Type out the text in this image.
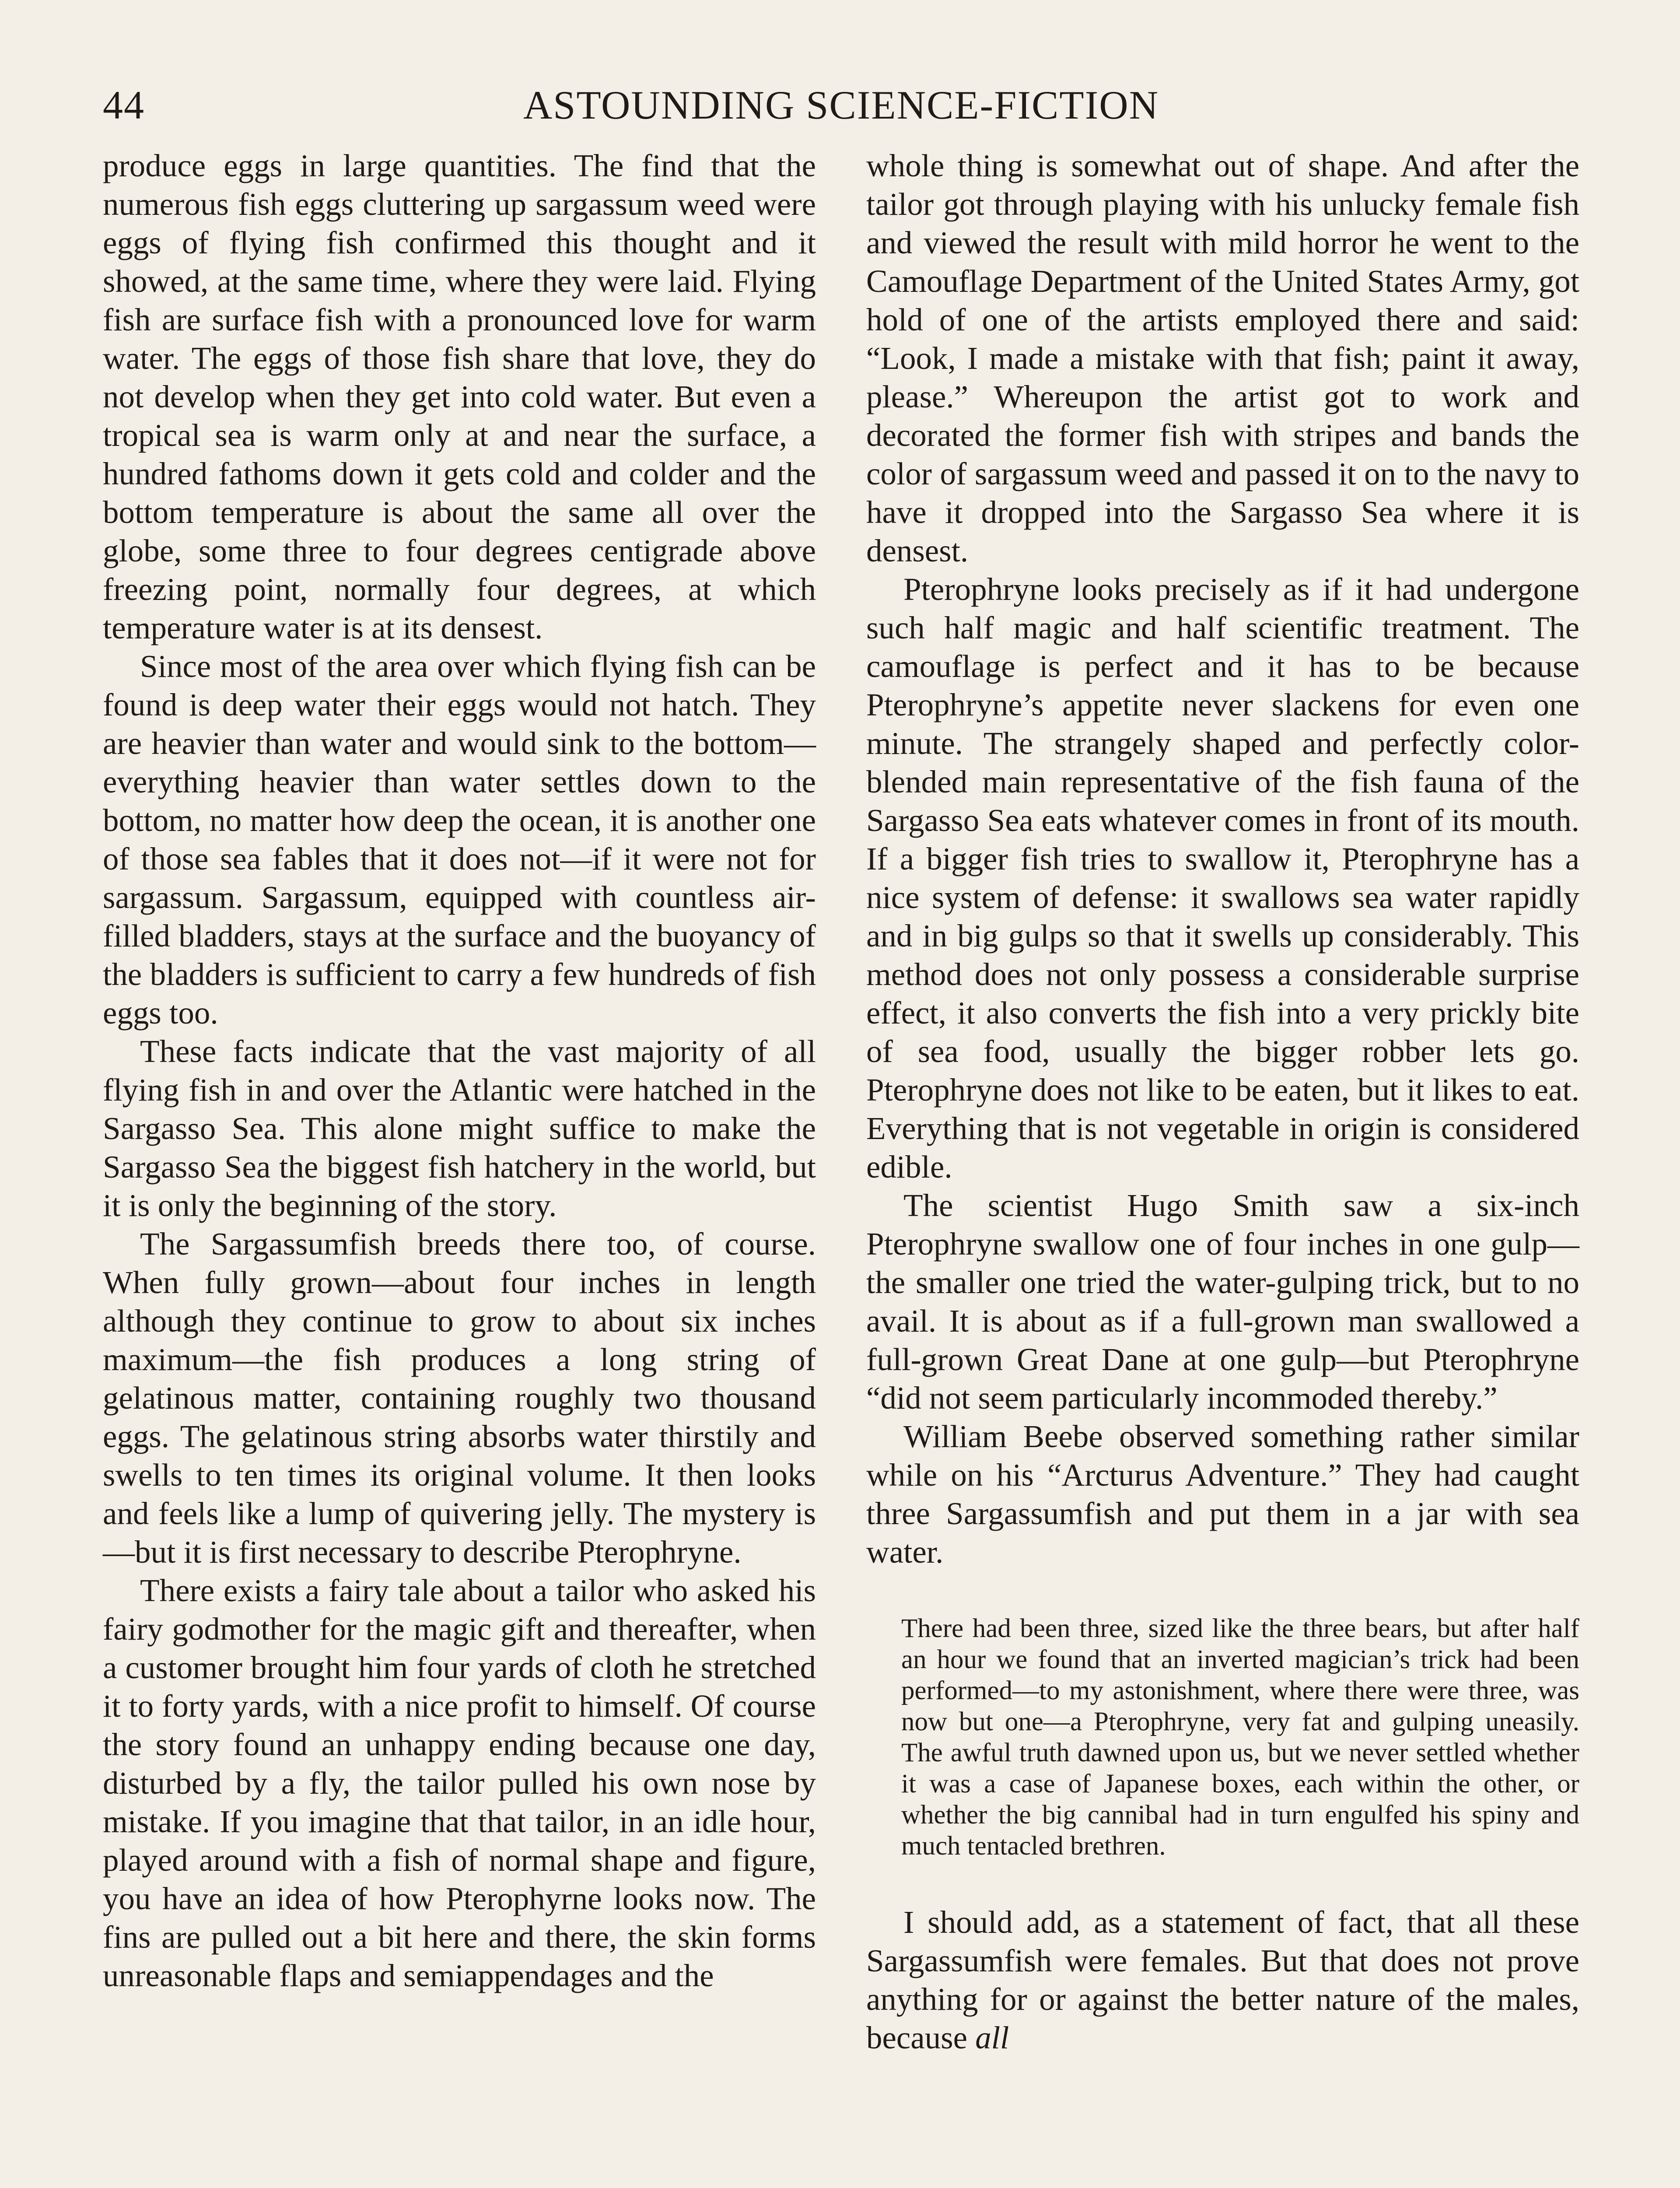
44	ASTOUNDING SCIENCE-FICTION

produce eggs in large quantities. The find that the numerous fish eggs cluttering up sargassum weed were eggs of flying fish confirmed this thought and it showed, at the same time, where they were laid. Flying fish are surface fish with a pronounced love for warm water. The eggs of those fish share that love, they do not develop when they get into cold water. But even a tropical sea is warm only at and near the surface, a hundred fathoms down it gets cold and colder and the bottom temperature is about the same all over the globe, some three to four degrees centigrade above freezing point, normally four degrees, at which temperature water is at its densest.

Since most of the area over which flying fish can be found is deep water their eggs would not hatch. They are heavier than water and would sink to the bottom—everything heavier than water settles down to the bottom, no matter how deep the ocean, it is another one of those sea fables that it does not—if it were not for sargassum. Sargassum, equipped with countless air-filled bladders, stays at the surface and the buoyancy of the bladders is sufficient to carry a few hundreds of fish eggs too.

These facts indicate that the vast majority of all flying fish in and over the Atlantic were hatched in the Sargasso Sea. This alone might suffice to make the Sargasso Sea the biggest fish hatchery in the world, but it is only the beginning of the story.

The Sargassumfish breeds there too, of course. When fully grown—about four inches in length although they continue to grow to about six inches maximum—the fish produces a long string of gelatinous matter, containing roughly two thousand eggs. The gelatinous string absorbs water thirstily and swells to ten times its original volume. It then looks and feels like a lump of quivering jelly. The mystery is—but it is first necessary to describe Pterophryne.

There exists a fairy tale about a tailor who asked his fairy godmother for the magic gift and thereafter, when a customer brought him four yards of cloth he stretched it to forty yards, with a nice profit to himself. Of course the story found an unhappy ending because one day, disturbed by a fly, the tailor pulled his own nose by mistake. If you imagine that that tailor, in an idle hour, played around with a fish of normal shape and figure, you have an idea of how Pterophyrne looks now. The fins are pulled out a bit here and there, the skin forms unreasonable flaps and semiappendages and the

whole thing is somewhat out of shape. And after the tailor got through playing with his unlucky female fish and viewed the result with mild horror he went to the Camouflage Department of the United States Army, got hold of one of the artists employed there and said: “Look, I made a mistake with that fish; paint it away, please.” Whereupon the artist got to work and decorated the former fish with stripes and bands the color of sargassum weed and passed it on to the navy to have it dropped into the Sargasso Sea where it is densest.

Pterophryne looks precisely as if it had undergone such half magic and half scientific treatment. The camouflage is perfect and it has to be because Pterophryne’s appetite never slackens for even one minute. The strangely shaped and perfectly color-blended main representative of the fish fauna of the Sargasso Sea eats whatever comes in front of its mouth. If a bigger fish tries to swallow it, Pterophryne has a nice system of defense: it swallows sea water rapidly and in big gulps so that it swells up considerably. This method does not only possess a considerable surprise effect, it also converts the fish into a very prickly bite of sea food, usually the bigger robber lets go. Pterophryne does not like to be eaten, but it likes to eat. Everything that is not vegetable in origin is considered edible.

The scientist Hugo Smith saw a six-inch Pterophryne swallow one of four inches in one gulp—the smaller one tried the water-gulping trick, but to no avail. It is about as if a full-grown man swallowed a full-grown Great Dane at one gulp—but Pterophryne “did not seem particularly incommoded thereby.”

William Beebe observed something rather similar while on his “Arcturus Adventure.” They had caught three Sargassumfish and put them in a jar with sea water.

There had been three, sized like the three bears, but after half an hour we found that an inverted magician’s trick had been performed—to my astonishment, where there were three, was now but one—a Pterophryne, very fat and gulping uneasily. The awful truth dawned upon us, but we never settled whether it was a case of Japanese boxes, each within the other, or whether the big cannibal had in turn engulfed his spiny and much tentacled brethren.

I should add, as a statement of fact, that all these Sargassumfish were females. But that does not prove anything for or against the better nature of the males, because all
